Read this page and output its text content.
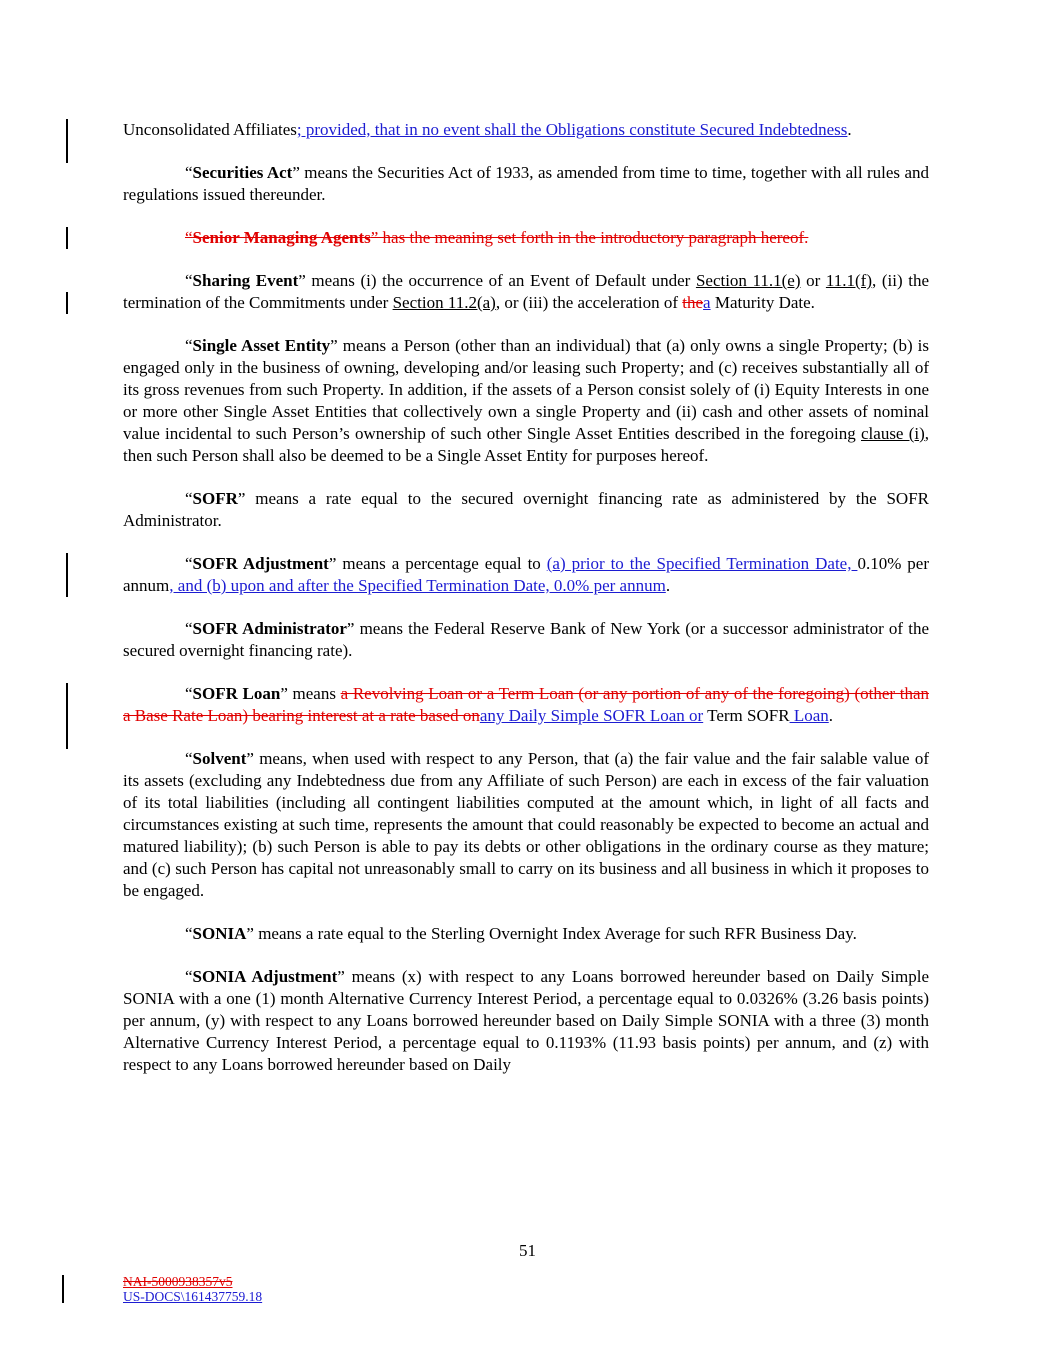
Unconsolidated Affiliates; provided, that in no event shall the Obligations constitute Secured Indebtedness.

“Securities Act” means the Securities Act of 1933, as amended from time to time, together with all rules and regulations issued thereunder.

“Senior Managing Agents” has the meaning set forth in the introductory paragraph hereof.

“Sharing Event” means (i) the occurrence of an Event of Default under Section 11.1(e) or 11.1(f), (ii) the termination of the Commitments under Section 11.2(a), or (iii) the acceleration of thea Maturity Date.

“Single Asset Entity” means a Person (other than an individual) that (a) only owns a single Property; (b) is engaged only in the business of owning, developing and/or leasing such Property; and (c) receives substantially all of its gross revenues from such Property. In addition, if the assets of a Person consist solely of (i) Equity Interests in one or more other Single Asset Entities that collectively own a single Property and (ii) cash and other assets of nominal value incidental to such Person’s ownership of such other Single Asset Entities described in the foregoing clause (i), then such Person shall also be deemed to be a Single Asset Entity for purposes hereof.

“SOFR” means a rate equal to the secured overnight financing rate as administered by the SOFR Administrator.

“SOFR Adjustment” means a percentage equal to (a) prior to the Specified Termination Date, 0.10% per annum, and (b) upon and after the Specified Termination Date, 0.0% per annum.

“SOFR Administrator” means the Federal Reserve Bank of New York (or a successor administrator of the secured overnight financing rate).

“SOFR Loan” means a Revolving Loan or a Term Loan (or any portion of any of the foregoing) (other than a Base Rate Loan) bearing interest at a rate based onany Daily Simple SOFR Loan or Term SOFR Loan.

“Solvent” means, when used with respect to any Person, that (a) the fair value and the fair salable value of its assets (excluding any Indebtedness due from any Affiliate of such Person) are each in excess of the fair valuation of its total liabilities (including all contingent liabilities computed at the amount which, in light of all facts and circumstances existing at such time, represents the amount that could reasonably be expected to become an actual and matured liability); (b) such Person is able to pay its debts or other obligations in the ordinary course as they mature; and (c) such Person has capital not unreasonably small to carry on its business and all business in which it proposes to be engaged.

“SONIA” means a rate equal to the Sterling Overnight Index Average for such RFR Business Day.

“SONIA Adjustment” means (x) with respect to any Loans borrowed hereunder based on Daily Simple SONIA with a one (1) month Alternative Currency Interest Period, a percentage equal to 0.0326% (3.26 basis points) per annum, (y) with respect to any Loans borrowed hereunder based on Daily Simple SONIA with a three (3) month Alternative Currency Interest Period, a percentage equal to 0.1193% (11.93 basis points) per annum, and (z) with respect to any Loans borrowed hereunder based on Daily

51
NAI-5000938357v5
US-DOCS\161437759.18
